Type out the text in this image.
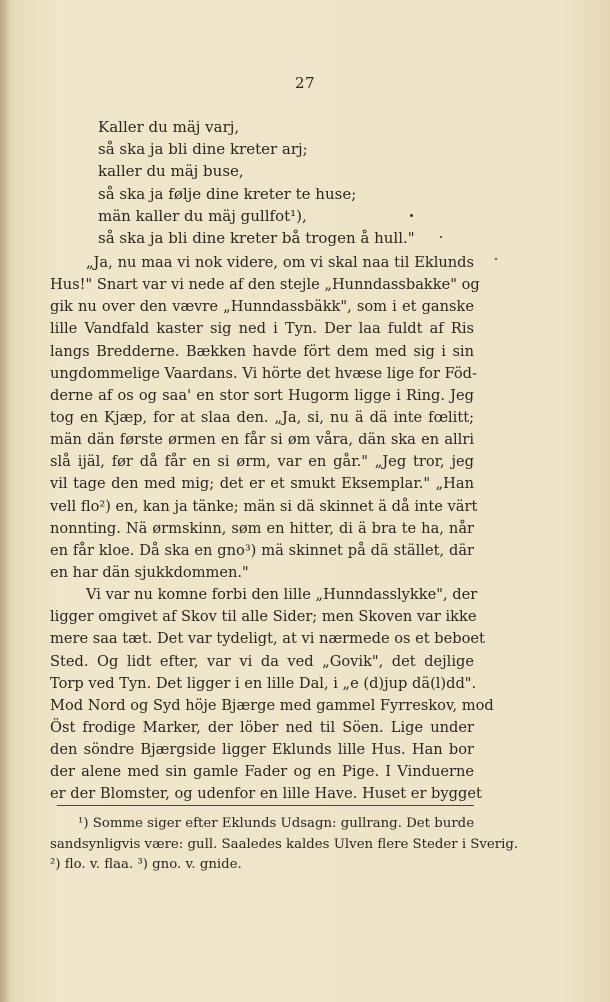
27
Kaller du mäj varj,
så ska ja bli dine kreter arj;
kaller du mäj buse,
så ska ja følje dine kreter te huse;
män kaller du mäj gullfot¹),
så ska ja bli dine kreter bå trogen å hull."
„Ja, nu maa vi nok videre, om vi skal naa til Eklunds
Hus!" Snart var vi nede af den stejle „Hunndassbakke" og
gik nu over den vævre „Hunndassbäkk", som i et ganske
lille Vandfald kaster sig ned i Tyn. Der laa fuldt af Ris
langs Bredderne. Bækken havde fört dem med sig i sin
ungdommelige Vaardans. Vi hörte det hvæse lige for Föd-
derne af os og saa' en stor sort Hugorm ligge i Ring. Jeg
tog en Kjæp, for at slaa den. „Ja, si, nu ä dä inte fœlitt;
män dän første ørmen en får si øm våra, dän ska en allri
slå ijäl, før då får en si ørm, var en går." „Jeg tror, jeg
vil tage den med mig; det er et smukt Eksemplar." „Han
vell flo²) en, kan ja tänke; män si dä skinnet ä då inte värt
nonnting. Nä ørmskinn, søm en hitter, di ä bra te ha, når
en får kloe. Då ska en gno³) mä skinnet på dä stället, där
en har dän sjukkdommen."
Vi var nu komne forbi den lille „Hunndasslykke", der
ligger omgivet af Skov til alle Sider; men Skoven var ikke
mere saa tæt. Det var tydeligt, at vi nærmede os et beboet
Sted. Og lidt efter, var vi da ved „Govik", det dejlige
Torp ved Tyn. Det ligger i en lille Dal, i „e (d)jup dä(l)dd".
Mod Nord og Syd höje Bjærge med gammel Fyrreskov, mod
Öst frodige Marker, der löber ned til Söen. Lige under
den söndre Bjærgside ligger Eklunds lille Hus. Han bor
der alene med sin gamle Fader og en Pige. I Vinduerne
er der Blomster, og udenfor en lille Have. Huset er bygget
¹) Somme siger efter Eklunds Udsagn: gullrang. Det burde
sandsynligvis være: gull. Saaledes kaldes Ulven flere Steder i Sverig.
²) flo. v. flaa. ³) gno. v. gnide.
